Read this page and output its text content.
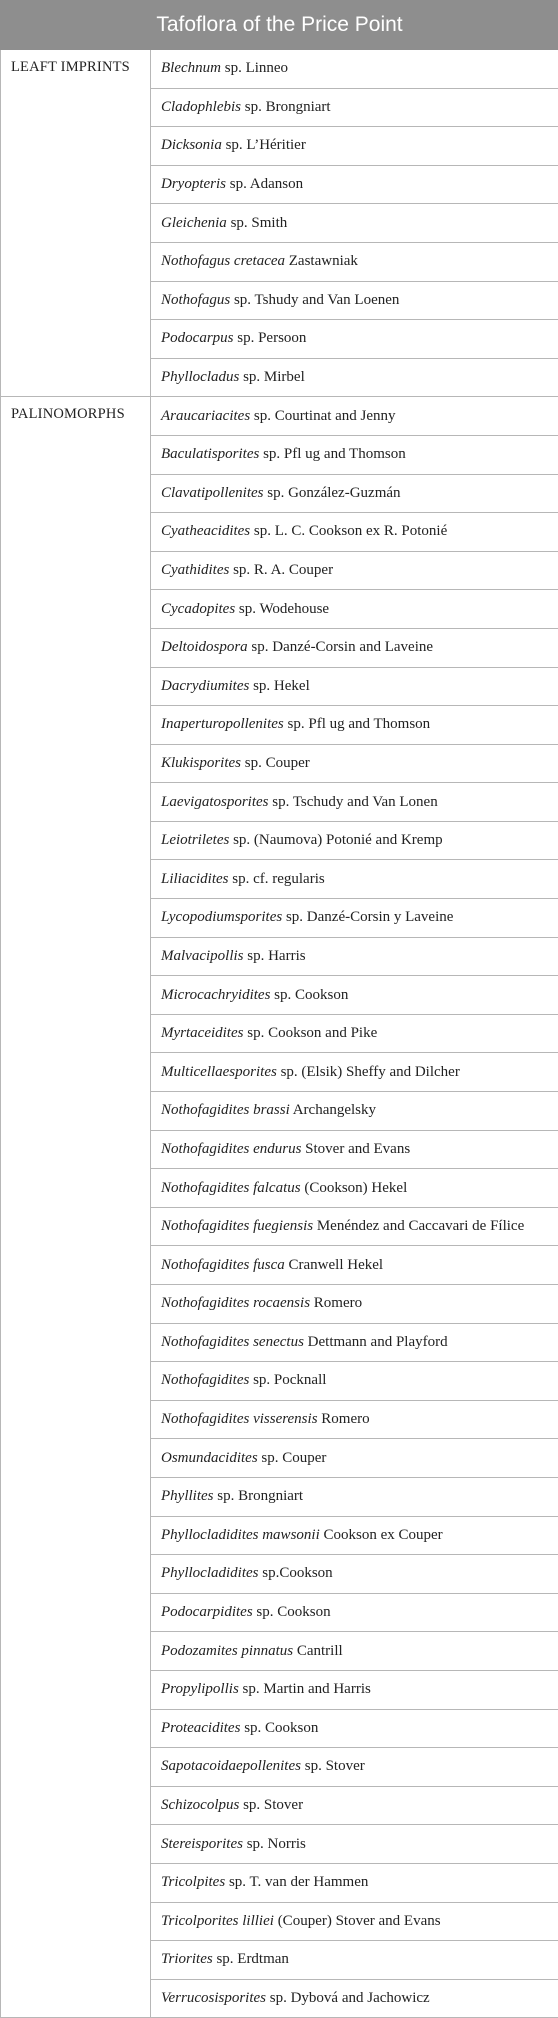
Tafoflora of the Price Point	
LEAFT IMPRINTS	Blechnum sp. Linneo
	Cladophlebis sp. Brongniart
	Dicksonia sp. L’Héritier
	Dryopteris sp. Adanson
	Gleichenia sp. Smith
	Nothofagus cretacea Zastawniak
	Nothofagus sp. Tshudy and Van Loenen
	Podocarpus sp. Persoon
	Phyllocladus sp. Mirbel
PALINOMORPHS	Araucariacites sp. Courtinat and Jenny
	Baculatisporites sp. Pfl ug and Thomson
	Clavatipollenites sp. González-Guzmán
	Cyatheacidites sp. L. C. Cookson ex R. Potonié
	Cyathidites sp. R. A. Couper
	Cycadopites sp. Wodehouse
	Deltoidospora sp. Danzé-Corsin and Laveine
	Dacrydiumites sp. Hekel
	Inaperturopollenites sp. Pfl ug and Thomson
	Klukisporites sp. Couper
	Laevigatosporites sp. Tschudy and Van Lonen
	Leiotriletes sp. (Naumova) Potonié and Kremp
	Liliacidites sp. cf. regularis
	Lycopodiumsporites sp. Danzé-Corsin y Laveine
	Malvacipollis sp. Harris
	Microcachryidites sp. Cookson
	Myrtaceidites sp. Cookson and Pike
	Multicellaesporites sp. (Elsik) Sheffy and Dilcher
	Nothofagidites brassi Archangelsky
	Nothofagidites endurus Stover and Evans
	Nothofagidites falcatus (Cookson) Hekel
	Nothofagidites fuegiensis Menéndez and Caccavari de Fílice
	Nothofagidites fusca Cranwell Hekel
	Nothofagidites rocaensis Romero
	Nothofagidites senectus Dettmann and Playford
	Nothofagidites sp. Pocknall
	Nothofagidites visserensis Romero
	Osmundacidites sp. Couper
	Phyllites sp. Brongniart
	Phyllocladidites mawsonii Cookson ex Couper
	Phyllocladidites sp.Cookson
	Podocarpidites sp. Cookson
	Podozamites pinnatus Cantrill
	Propylipollis sp. Martin and Harris
	Proteacidites sp. Cookson
	Sapotacoidaepollenites sp. Stover
	Schizocolpus sp. Stover
	Stereisporites sp. Norris
	Tricolpites sp. T. van der Hammen
	Tricolporites lilliei (Couper) Stover and Evans
	Triorites sp. Erdtman
	Verrucosisporites sp. Dybová and Jachowicz
